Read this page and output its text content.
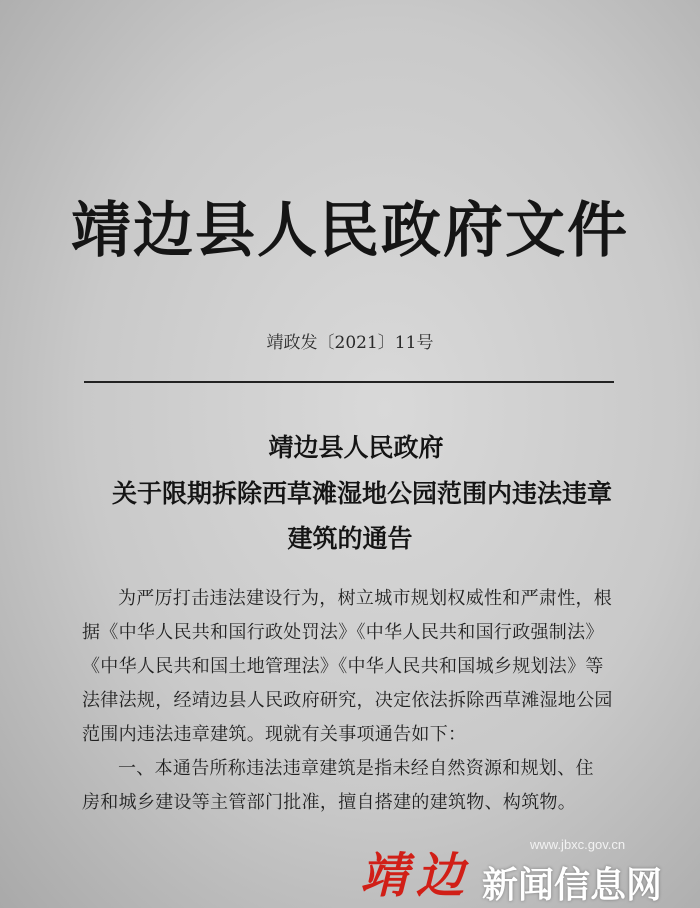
靖边县人民政府文件
靖政发〔2021〕11号
靖边县人民政府
关于限期拆除西草滩湿地公园范围内违法违章
建筑的通告

为严厉打击违法建设行为，树立城市规划权威性和严肃性，根

据《中华人民共和国行政处罚法》《中华人民共和国行政强制法》

《中华人民共和国土地管理法》《中华人民共和国城乡规划法》等

法律法规，经靖边县人民政府研究，决定依法拆除西草滩湿地公园

范围内违法违章建筑。现就有关事项通告如下：

一、本通告所称违法违章建筑是指未经自然资源和规划、住

房和城乡建设等主管部门批准，擅自搭建的建筑物、构筑物。

靖边
www.jbxc.gov.cn
新闻信息网
